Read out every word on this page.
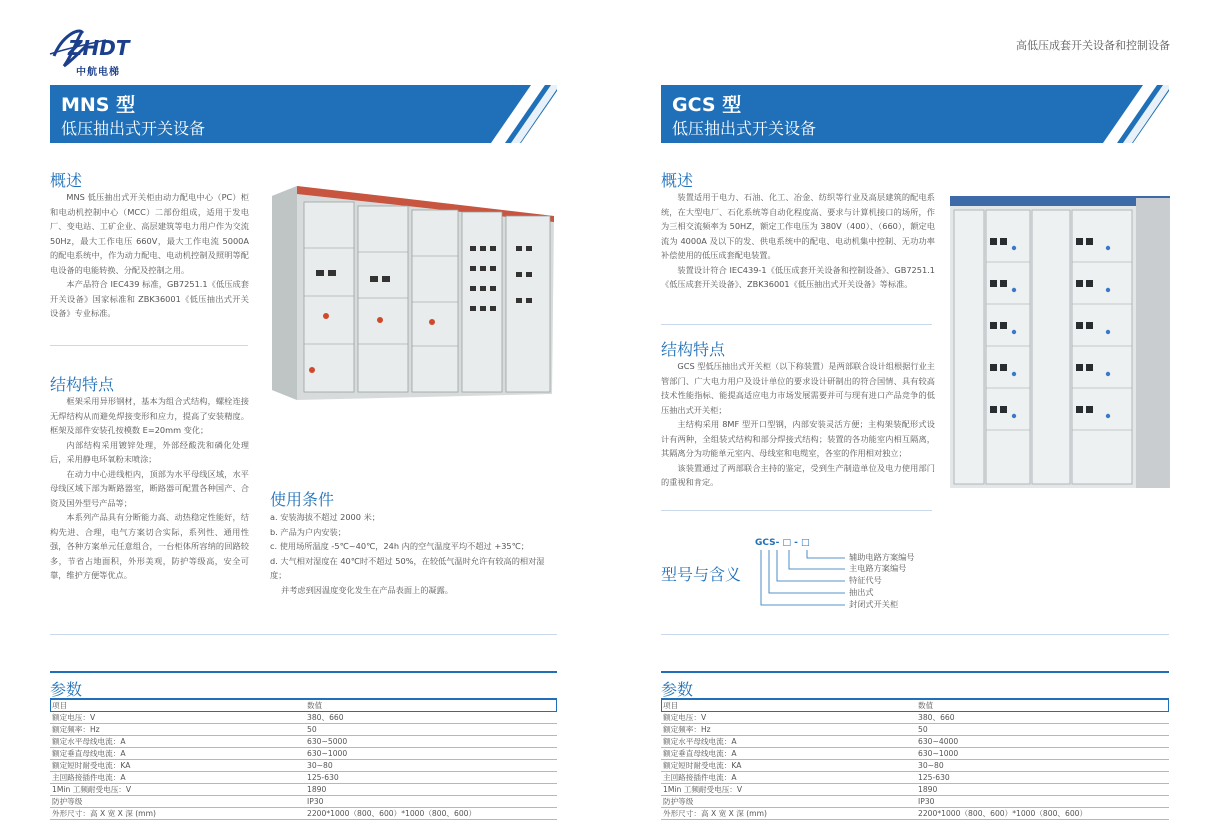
ZHDT
中航电梯
高低压成套开关设备和控制设备
MNS 型
低压抽出式开关设备
概述

MNS 低压抽出式开关柜由动力配电中心（PC）柜和电动机控制中心（MCC）二部份组成，适用于发电厂、变电站、工矿企业、高层建筑等电力用户作为交流 50Hz，最大工作电压 660V，最大工作电流 5000A 的配电系统中，作为动力配电、电动机控制及照明等配电设备的电能转换、分配及控制之用。

本产品符合 IEC439 标准，GB7251.1《低压成套开关设备》国家标准和 ZBK36001《低压抽出式开关设备》专业标准。

结构特点

框架采用异形钢材，基本为组合式结构，螺栓连接无焊结构从而避免焊接变形和应力，提高了安装精度。框架及部件安装孔按模数 E=20mm 变化；

内部结构采用镀锌处理，外部经酸洗和磷化处理后，采用静电环氧粉末喷涂；

在动力中心进线柜内，顶部为水平母线区域，水平母线区域下部为断路器室，断路器可配置各种国产、合资及国外型号产品等；

本系列产品具有分断能力高、动热稳定性能好，结构先进、合理，电气方案切合实际，系列性、通用性强，各种方案单元任意组合，一台柜体所容纳的回路较多，节省占地面积，外形美观，防护等级高，安全可靠，维护方便等优点。

使用条件
a. 安装海拔不超过 2000 米；
b. 产品为户内安装；
c. 使用场所温度 -5℃~40℃，24h 内的空气温度平均不超过 +35℃；
d. 大气相对湿度在 40℃时不超过 50%，在较低气温时允许有较高的相对湿度；
并考虑到因温度变化发生在产品表面上的凝露。
参数
项目	数值
额定电压：V	380、660
额定频率：Hz	50
额定水平母线电流：A	630~5000
额定垂直母线电流：A	630~1000
额定短时耐受电流：KA	30~80
主回路接插件电流：A	125-630
1Min 工频耐受电压：V	1890
防护等级	IP30
外形尺寸：高 X 宽 X 深 (mm)	2200*1000（800、600）*1000（800、600）
GCS 型
低压抽出式开关设备
概述

装置适用于电力、石油、化工、冶金、纺织等行业及高层建筑的配电系统，在大型电厂、石化系统等自动化程度高、要求与计算机接口的场所，作为三相交流频率为 50HZ，额定工作电压为 380V（400）、（660），额定电流为 4000A 及以下的发、供电系统中的配电、电动机集中控制、无功功率补偿使用的低压成套配电装置。

装置设计符合 IEC439-1《低压成套开关设备和控制设备》、GB7251.1《低压成套开关设备》、ZBK36001《低压抽出式开关设备》等标准。

结构特点

GCS 型低压抽出式开关柜（以下称装置）是两部联合设计组根据行业主管部门、广大电力用户及设计单位的要求设计研制出的符合国情、具有较高技术性能指标、能提高适应电力市场发展需要并可与现有进口产品竞争的低压抽出式开关柜；

主结构采用 8MF 型开口型钢，内部安装灵活方便；主构架装配形式设计有两种，全组装式结构和部分焊接式结构；装置的各功能室内相互隔离，其隔离分为功能单元室内、母线室和电缆室，各室的作用相对独立；

该装置通过了两部联合主持的鉴定，受到生产制造单位及电力使用部门的重视和肯定。

型号与含义
GCS- □ - □
辅助电路方案编号
主电路方案编号
特征代号
抽出式
封闭式开关柜
参数
项目	数值
额定电压：V	380、660
额定频率：Hz	50
额定水平母线电流：A	630~4000
额定垂直母线电流：A	630~1000
额定短时耐受电流：KA	30~80
主回路接插件电流：A	125-630
1Min 工频耐受电压：V	1890
防护等级	IP30
外形尺寸：高 X 宽 X 深 (mm)	2200*1000（800、600）*1000（800、600）
